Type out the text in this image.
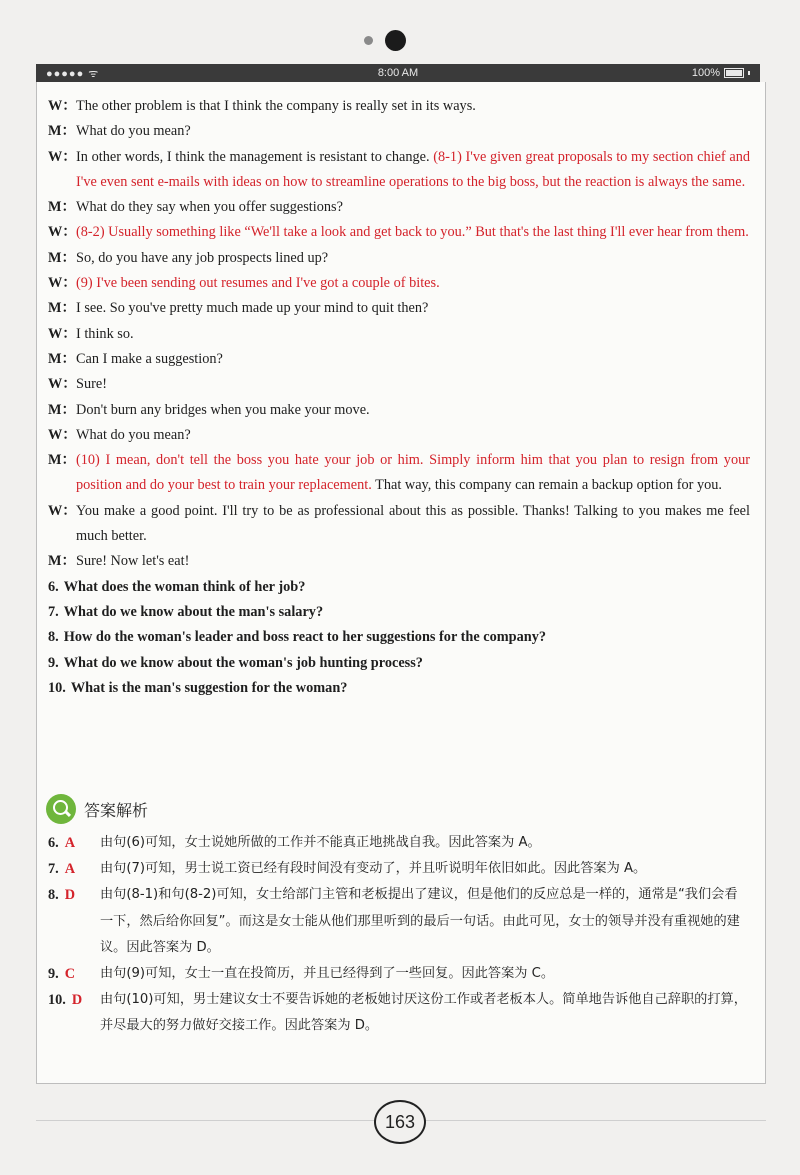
●●●●● ᯤ	8:00 AM	100%
W： The other problem is that I think the company is really set in its ways.
M： What do you mean?
W： In other words, I think the management is resistant to change. (8-1) I've given great proposals to my section chief and I've even sent e-mails with ideas on how to streamline operations to the big boss, but the reaction is always the same.
M： What do they say when you offer suggestions?
W： (8-2) Usually something like “We'll take a look and get back to you.” But that's the last thing I'll ever hear from them.
M： So, do you have any job prospects lined up?
W： (9) I've been sending out resumes and I've got a couple of bites.
M： I see. So you've pretty much made up your mind to quit then?
W： I think so.
M： Can I make a suggestion?
W： Sure!
M： Don't burn any bridges when you make your move.
W： What do you mean?
M： (10) I mean, don't tell the boss you hate your job or him. Simply inform him that you plan to resign from your position and do your best to train your replacement. That way, this company can remain a backup option for you.
W： You make a good point. I'll try to be as professional about this as possible. Thanks! Talking to you makes me feel much better.
M： Sure! Now let's eat!
6. What does the woman think of her job?
7. What do we know about the man's salary?
8. How do the woman's leader and boss react to her suggestions for the company?
9. What do we know about the woman's job hunting process?
10. What is the man's suggestion for the woman?
答案解析
6. A 由句(6)可知，女士说她所做的工作并不能真正地挑战自我。因此答案为 A。
7. A 由句(7)可知，男士说工资已经有段时间没有变动了，并且听说明年依旧如此。因此答案为 A。
8. D 由句(8-1)和句(8-2)可知，女士给部门主管和老板提出了建议，但是他们的反应总是一样的，通常是“我们会看一下，然后给你回复”。而这是女士能从他们那里听到的最后一句话。由此可见，女士的领导并没有重视她的建议。因此答案为 D。
9. C 由句(9)可知，女士一直在投简历，并且已经得到了一些回复。因此答案为 C。
10. D 由句(10)可知，男士建议女士不要告诉她的老板她讨厌这份工作或者老板本人。简单地告诉他自己辞职的打算，并尽最大的努力做好交接工作。因此答案为 D。
163
